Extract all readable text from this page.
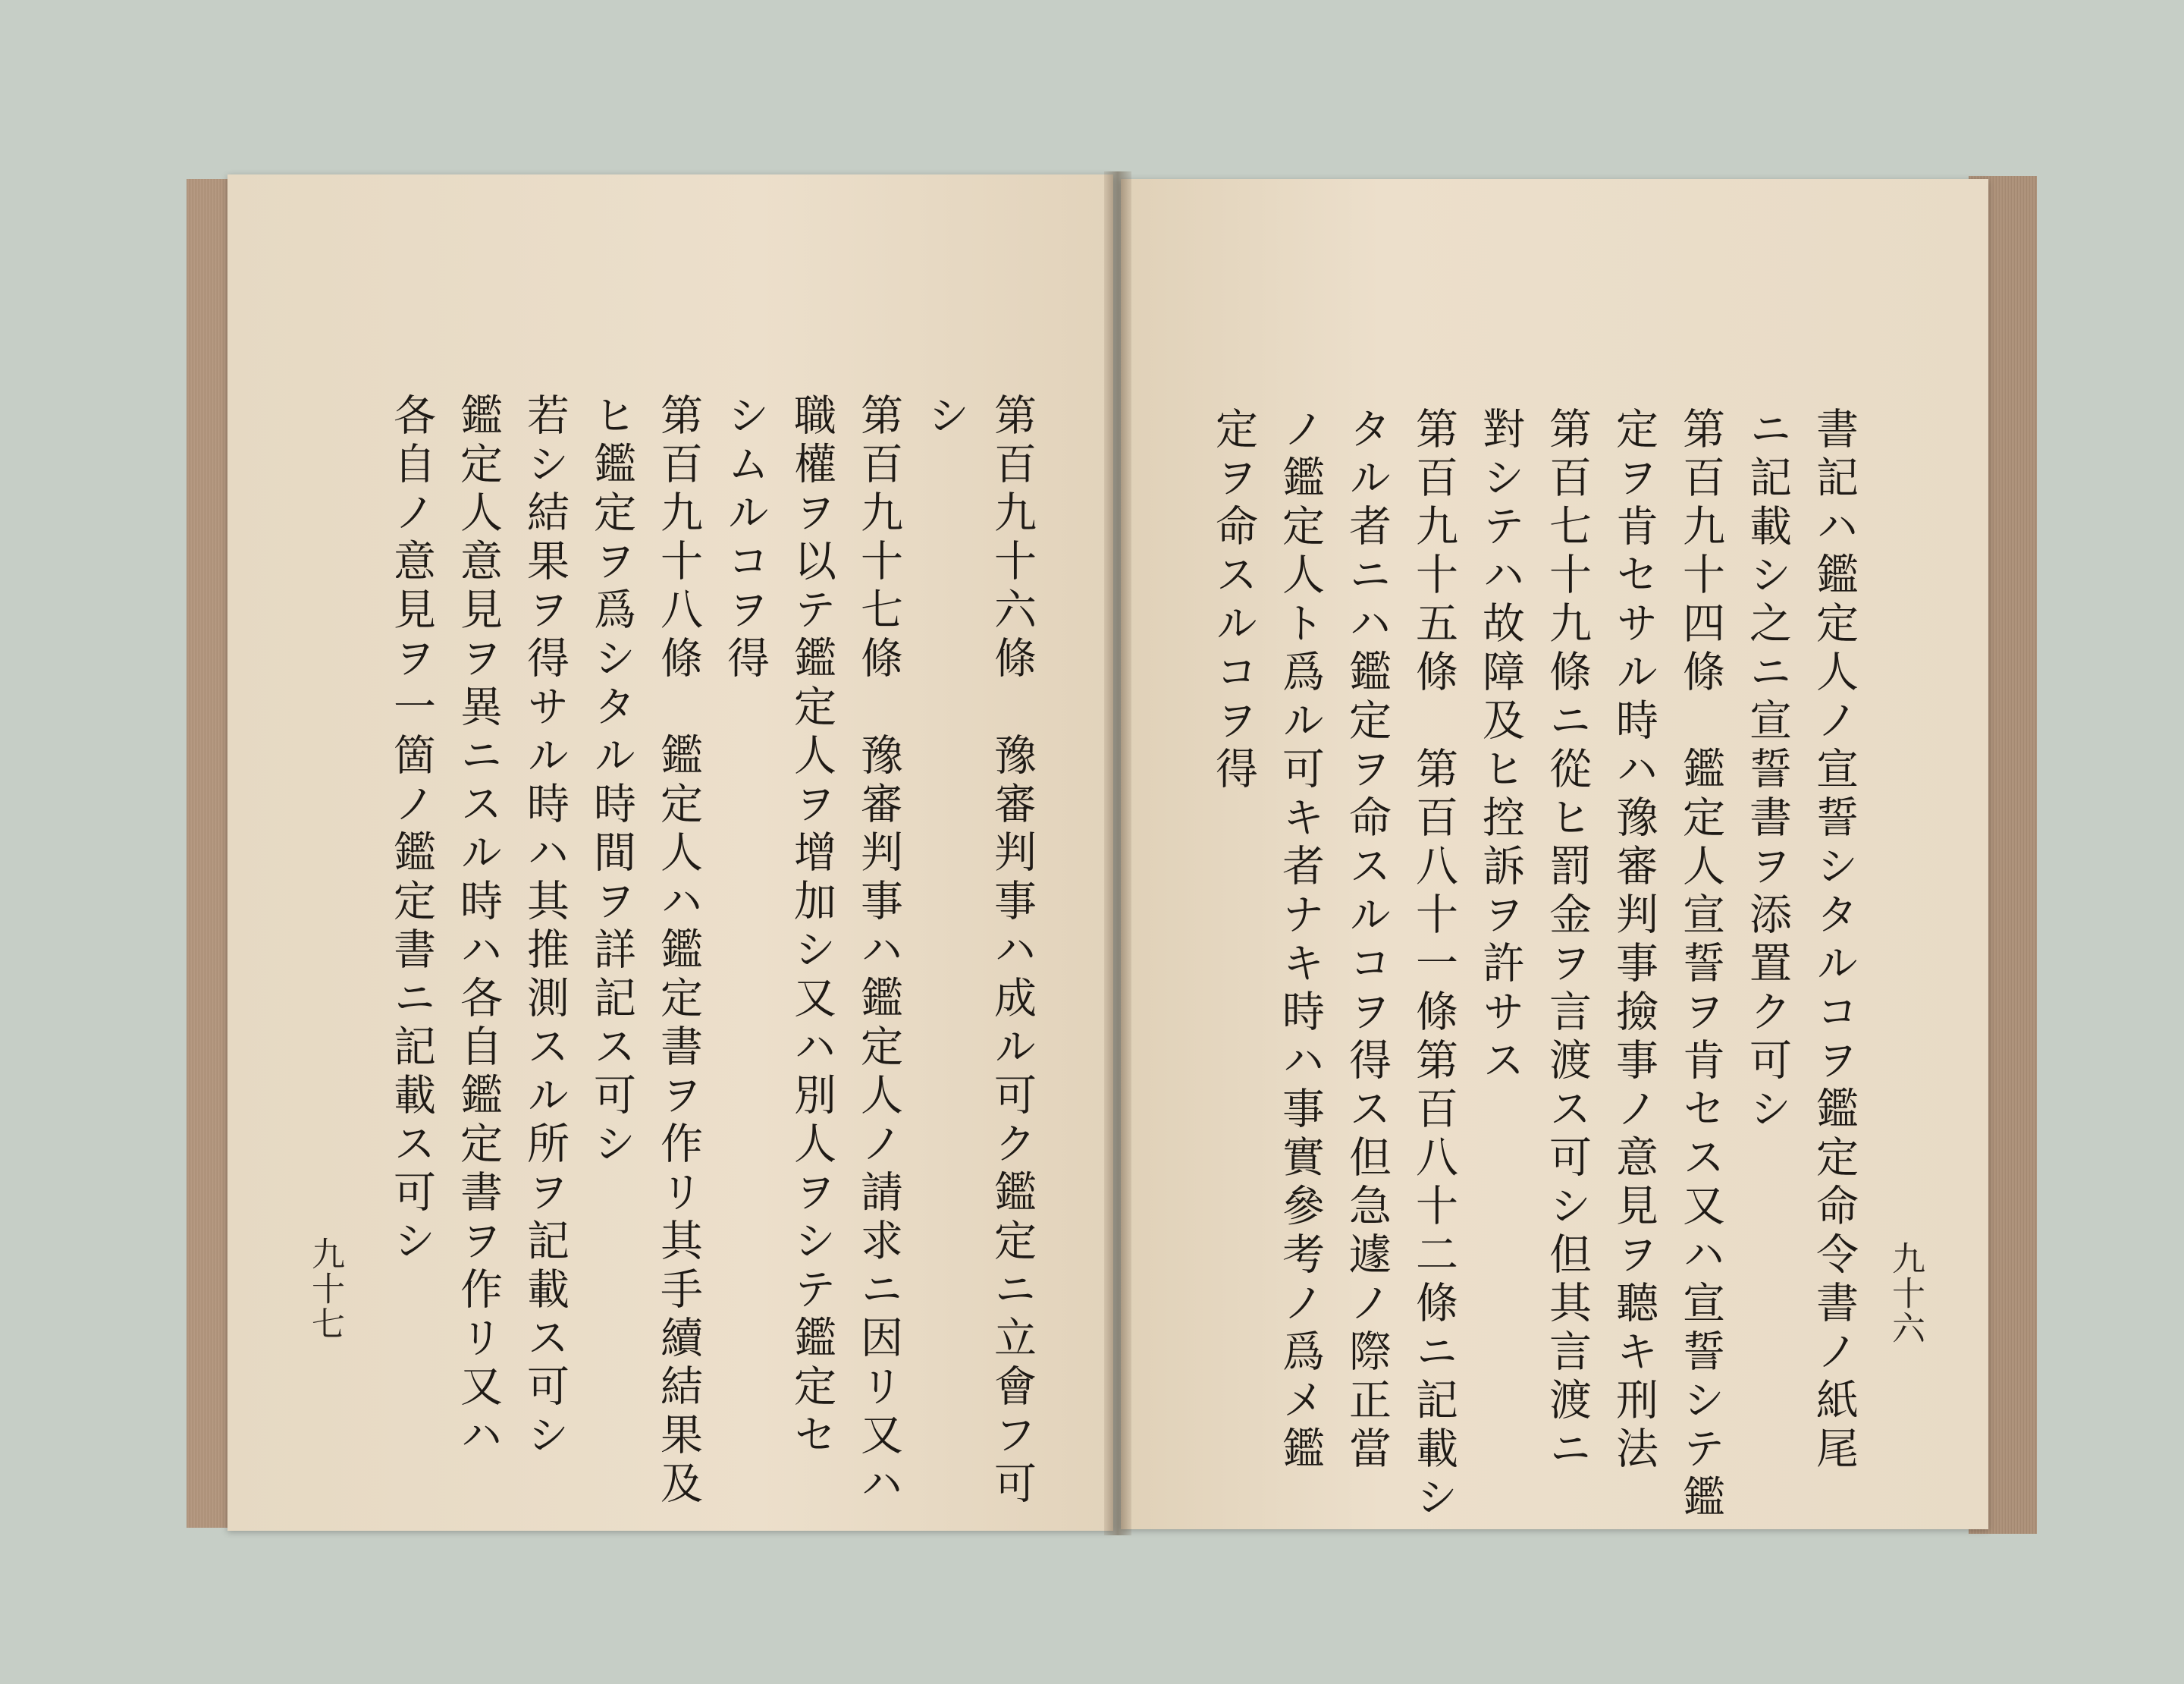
第百九十六條　豫審判事ハ成ル可ク鑑定ニ立會フ可
シ
第百九十七條　豫審判事ハ鑑定人ノ請求ニ因リ又ハ
職權ヲ以テ鑑定人ヲ增加シ又ハ別人ヲシテ鑑定セ
シムルコヲ得
第百九十八條　鑑定人ハ鑑定書ヲ作リ其手續結果及
ヒ鑑定ヲ爲シタル時間ヲ詳記ス可シ
若シ結果ヲ得サル時ハ其推測スル所ヲ記載ス可シ
鑑定人意見ヲ異ニスル時ハ各自鑑定書ヲ作リ又ハ
各自ノ意見ヲ一箇ノ鑑定書ニ記載ス可シ
九十七	書記ハ鑑定人ノ宣誓シタルコヲ鑑定命令書ノ紙尾
ニ記載シ之ニ宣誓書ヲ添置ク可シ
第百九十四條　鑑定人宣誓ヲ肯セス又ハ宣誓シテ鑑
定ヲ肯セサル時ハ豫審判事撿事ノ意見ヲ聽キ刑法
第百七十九條ニ從ヒ罰金ヲ言渡ス可シ但其言渡ニ
對シテハ故障及ヒ控訴ヲ許サス
第百九十五條　第百八十一條第百八十二條ニ記載シ
タル者ニハ鑑定ヲ命スルコヲ得ス但急遽ノ際正當
ノ鑑定人ト爲ル可キ者ナキ時ハ事實參考ノ爲メ鑑
定ヲ命スルコヲ得
九十六
